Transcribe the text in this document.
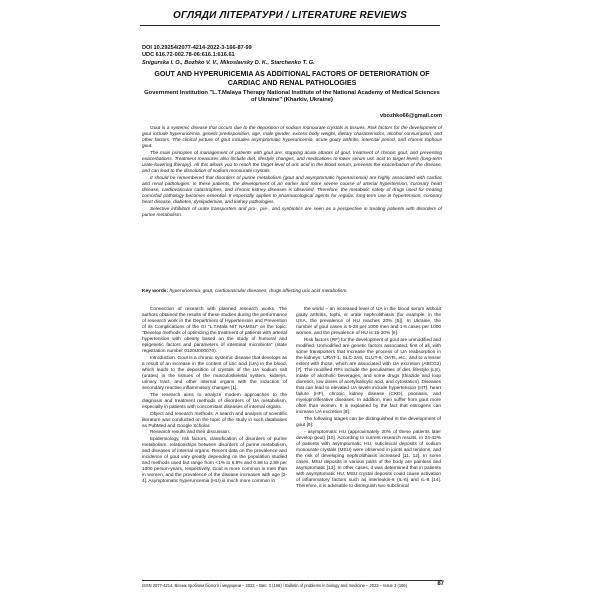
ОГЛЯДИ ЛІТЕРАТУРИ / LITERATURE REVIEWS
DOI 10.29254/2077-4214-2022-3-166-87-99
UDC 616.72-002.78-06:616.1:616.61
Snigurska I. O., Bozhko V. V., Mikoslavsky D. K., Starchenko T. G.
GOUT AND HYPERURICEMIA AS ADDITIONAL FACTORS OF DETERIORATION OF CARDIAC AND RENAL PATHOLOGIES
Government Institution "L.T.Malaya Therapy National Institute of the National Academy of Medical Sciences of Ukraine" (Kharkiv, Ukraine)
vbozhko66@gmail.com

Gout is a systemic disease that occurs due to the deposition of sodium monourate crystals in tissues. Risk factors for the development of gout include hyperuricemia, genetic predisposition, age, male gender, excess body weight, dietary characteristics, alcohol consumption, and other factors. The clinical picture of gout includes asymptomatic hyperuricemia, acute gouty arthritis, intercital period, and chronic tophous gout.

The main principles of management of patients with gout are: stopping acute attacks of gout, treatment of chronic gout, and preventing exacerbations. Treatment measures also include diet, lifestyle changes, and medications to lower serum uric acid to target levels (long-term urate-lowering therapy). All this allows you to reach the target level of uric acid in the blood serum, prevents the exacerbation of the disease, and can lead to the dissolution of sodium monourate crystals.

It should be remembered that disorders of purine metabolism (gout and asymptomatic hyperuricemia) are highly associated with cardiac and renal pathologies: in these patients, the development of an earlier and more severe course of arterial hypertension, coronary heart disease, cardiovascular catastrophes, and chronic kidney diseases is observed. Therefore, the metabolic safety of drugs used for treating comorbid pathology becomes essential. It especially applies to pharmacological agents for regular, long-term use in hypertension, coronary heart disease, diabetes, dyslipidemias, and kidney pathologies.

Selective inhibitors of urate transporters and pro-, pre-, and synbiotics are seen as a perspective in treating patients with disorders of purine metabolism.

Key words: hyperuricemia, gout, cardiovascular diseases, drugs affecting uric acid metabolism.

Connection of research with planned research works. The authors obtained the results of these studies during the performance of research work in the Department of Hypertension and Prevention of its Complications of the GI "L.T.Mala NIT NAMSU" on the topic: "Develop methods of optimizing the treatment of patients with arterial hypertension with obesity based on the study of humoral and epigenetic factors and parameters of intestinal microbiota" (state registration number 0120U000070).

Introduction. Gout is a chronic systemic disease that develops as a result of an increase in the content of uric acid (UA) in the blood, which leads to the deposition of crystals of the UA sodium salt (urates) in the tissues of the musculoskeletal system, kidneys, urinary tract, and other internal organs with the induction of secondary reactive inflammatory changes [1].

The research aims to analyze modern approaches to the diagnosis and treatment methods of disorders of UA metabolism, especially in patients with concomitant diseases of internal organs.

Object and research methods. A search and analysis of scientific literature was conducted on the topic of the study in such databases as PubMed and Google Scholar.

Research results and their discussion.

Epidemiology, risk factors, classification of disorders of purine metabolism, relationships between disorders of purine metabolism, and diseases of internal organs. Recent data on the prevalence and incidence of gout vary greatly depending on the population studied and methods used but range from <1% to 6.8% and 0.58 to 2.89 per 1000 person-years, respectively. Gout is more common in men than in women, and the prevalence of the disease increases with age [2-4]. Asymptomatic hyperuricemia (HU) is much more common in

the world – an increased level of UA in the blood serum without gouty arthritis, tophi, or urate nephrolithiasis (for example, in the USA, the prevalence of HU reaches 20% [5]). In Ukraine, the number of gout cases is 5-28 per 1000 men and 1-6 cases per 1000 women, and the prevalence of HU is 15-20% [6].

Risk factors (RF) for the development of gout are unmodified and modified. Unmodified are genetic factors associated, first of all, with some transporters that increase the process of UA reabsorption in the kidneys: URAT-1, SLC-2A9, GLUT-9, OATs, etc., and to a lesser extent with those, which are associated with UA excretion (ABCG2) [7]. The modified RFs include the peculiarities of diet, lifestyle (LS), intake of alcoholic beverages, and some drugs (thiazide and loop diuretics, low doses of acetylsalicylic acid, and cytostatics). Diseases that can lead to elevated UA levels include hypertension (HT), heart failure (HF), chronic kidney disease (CKD), psoriasis, and myeloproliferative diseases. In addition, men suffer from gout more often than women. It is explained by the fact that estrogens can increase UA excretion [8].

The following stages can be distinguished in the development of gout [9]:

- asymptomatic HU (approximately 20% of these patients later develop gout) [10]. According to current research results, in 24-42% of patients with asymptomatic HU, subclinical deposits of sodium monourate crystals (MSU) were observed in joints and tendons, and the risk of developing nephrolithiasis increased [11, 12]. In some cases, MSU deposits in various parts of the body are painless and asymptomatic [13]. In other cases, it was determined that in patients with asymptomatic HU, MSU crystal deposits could cause activation of inflammatory factors such as interleukin-6 (IL-6) and IL-8 [14]. Therefore, it is advisable to distinguish two subclinical

ISSN 2077-4214. Вісник проблем біології і медицини – 2022 – Вип. 3 (166) / Bulletin of problems in biology and medicine – 2022 – Issue 3 (166)	87
